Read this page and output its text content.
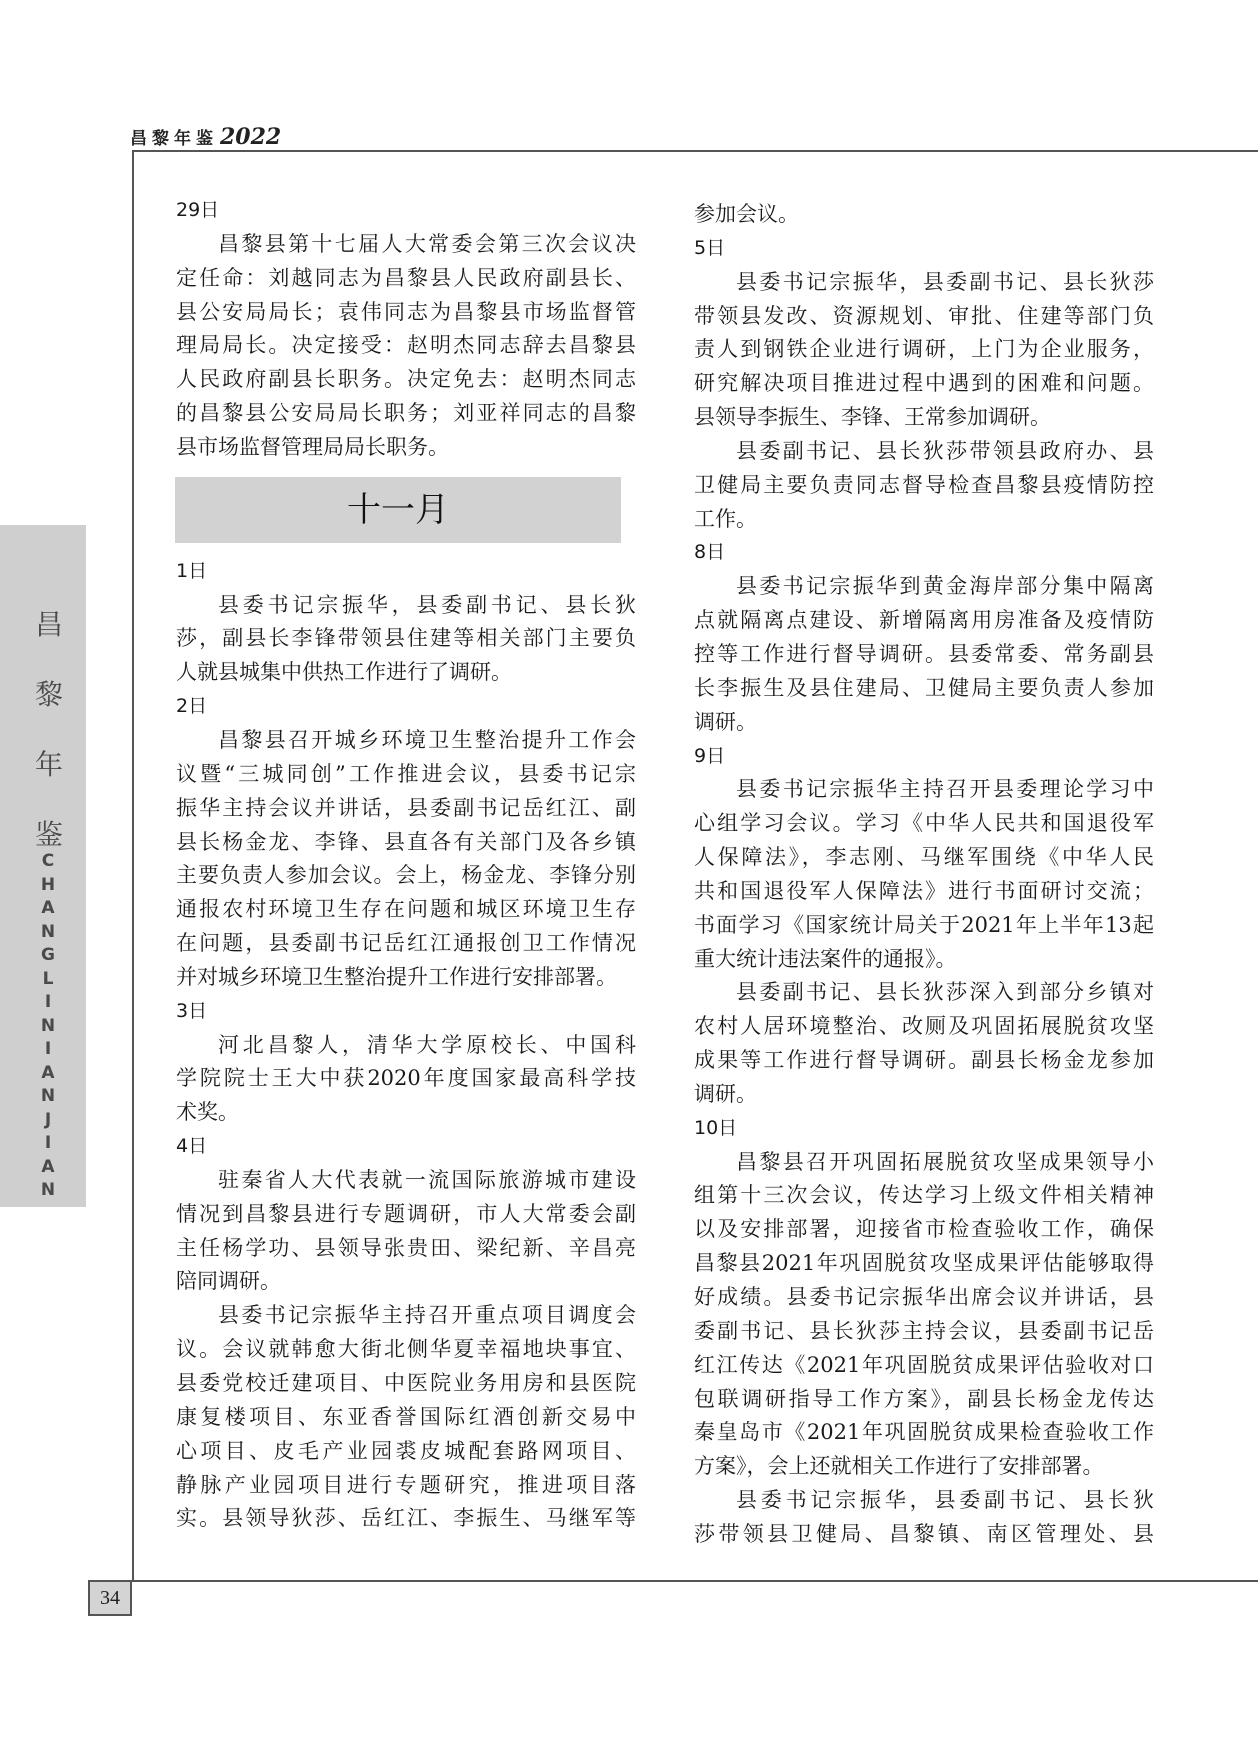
昌黎年鉴2022
34
昌
黎
年
鉴
C
H
A
N
G
L
I
N
I
A
N
J
I
A
N
29日
昌黎县第十七届人大常委会第三次会议决
定任命：刘越同志为昌黎县人民政府副县长、
县公安局局长；袁伟同志为昌黎县市场监督管
理局局长。决定接受：赵明杰同志辞去昌黎县
人民政府副县长职务。决定免去：赵明杰同志
的昌黎县公安局局长职务；刘亚祥同志的昌黎
县市场监督管理局局长职务。
十一月
1日
县委书记宗振华，县委副书记、县长狄
莎，副县长李锋带领县住建等相关部门主要负
人就县城集中供热工作进行了调研。
2日
昌黎县召开城乡环境卫生整治提升工作会
议暨“三城同创”工作推进会议，县委书记宗
振华主持会议并讲话，县委副书记岳红江、副
县长杨金龙、李锋、县直各有关部门及各乡镇
主要负责人参加会议。会上，杨金龙、李锋分别
通报农村环境卫生存在问题和城区环境卫生存
在问题，县委副书记岳红江通报创卫工作情况
并对城乡环境卫生整治提升工作进行安排部署。
3日
河北昌黎人，清华大学原校长、中国科
学院院士王大中获2020年度国家最高科学技
术奖。
4日
驻秦省人大代表就一流国际旅游城市建设
情况到昌黎县进行专题调研，市人大常委会副
主任杨学功、县领导张贵田、梁纪新、辛昌亮
陪同调研。
县委书记宗振华主持召开重点项目调度会
议。会议就韩愈大街北侧华夏幸福地块事宜、
县委党校迁建项目、中医院业务用房和县医院
康复楼项目、东亚香誉国际红酒创新交易中
心项目、皮毛产业园裘皮城配套路网项目、
静脉产业园项目进行专题研究，推进项目落
实。县领导狄莎、岳红江、李振生、马继军等
参加会议。
5日
县委书记宗振华，县委副书记、县长狄莎
带领县发改、资源规划、审批、住建等部门负
责人到钢铁企业进行调研，上门为企业服务，
研究解决项目推进过程中遇到的困难和问题。
县领导李振生、李锋、王常参加调研。
县委副书记、县长狄莎带领县政府办、县
卫健局主要负责同志督导检查昌黎县疫情防控
工作。
8日
县委书记宗振华到黄金海岸部分集中隔离
点就隔离点建设、新增隔离用房准备及疫情防
控等工作进行督导调研。县委常委、常务副县
长李振生及县住建局、卫健局主要负责人参加
调研。
9日
县委书记宗振华主持召开县委理论学习中
心组学习会议。学习《中华人民共和国退役军
人保障法》，李志刚、马继军围绕《中华人民
共和国退役军人保障法》进行书面研讨交流；
书面学习《国家统计局关于2021年上半年13起
重大统计违法案件的通报》。
县委副书记、县长狄莎深入到部分乡镇对
农村人居环境整治、改厕及巩固拓展脱贫攻坚
成果等工作进行督导调研。副县长杨金龙参加
调研。
10日
昌黎县召开巩固拓展脱贫攻坚成果领导小
组第十三次会议，传达学习上级文件相关精神
以及安排部署，迎接省市检查验收工作，确保
昌黎县2021年巩固脱贫攻坚成果评估能够取得
好成绩。县委书记宗振华出席会议并讲话，县
委副书记、县长狄莎主持会议，县委副书记岳
红江传达《2021年巩固脱贫成果评估验收对口
包联调研指导工作方案》，副县长杨金龙传达
秦皇岛市《2021年巩固脱贫成果检查验收工作
方案》，会上还就相关工作进行了安排部署。
县委书记宗振华，县委副书记、县长狄
莎带领县卫健局、昌黎镇、南区管理处、县
